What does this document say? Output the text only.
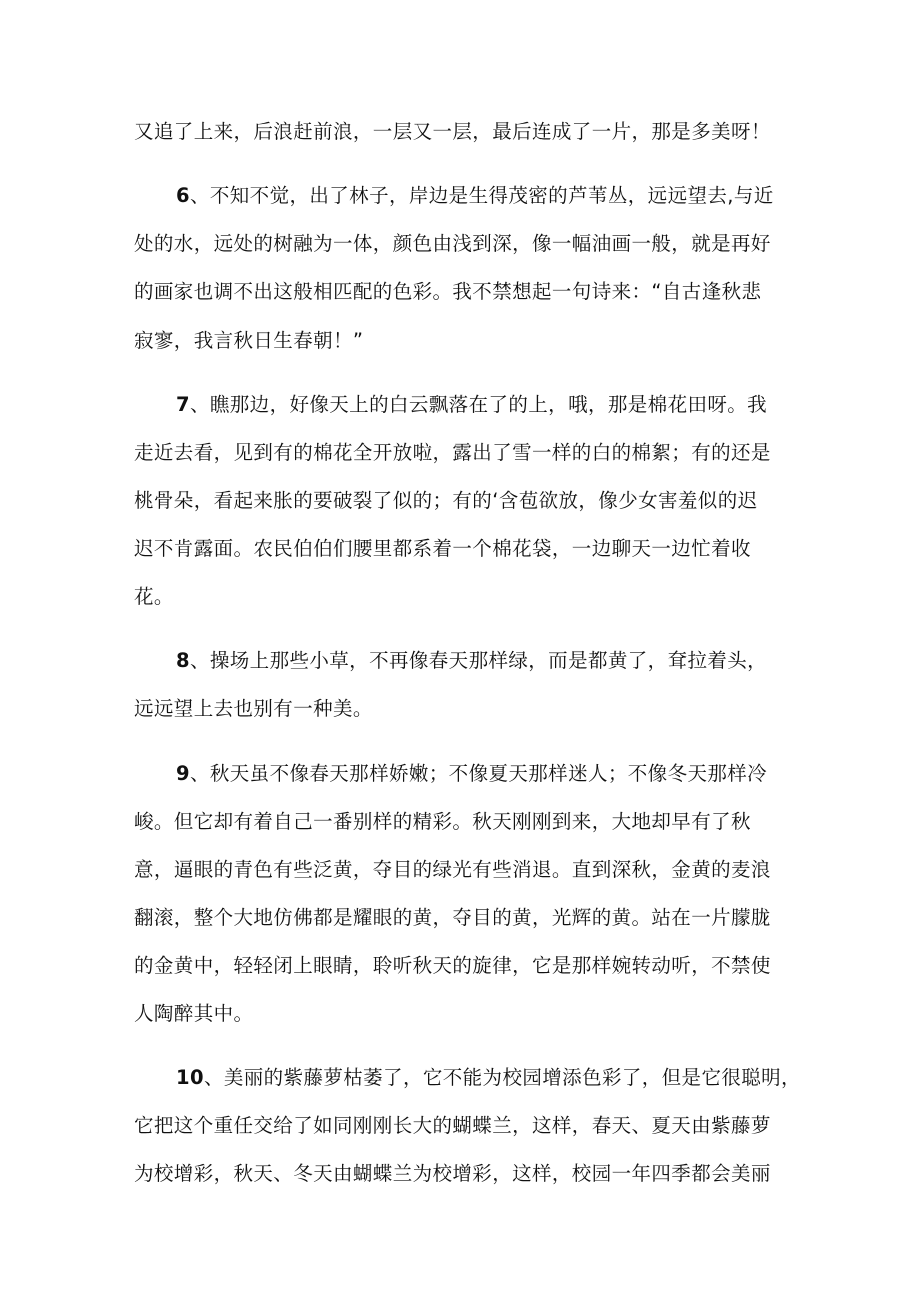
又追了上来，后浪赶前浪，一层又一层，最后连成了一片，那是多美呀！
6、不知不觉，出了林子，岸边是生得茂密的芦苇丛，远远望去,与近
处的水，远处的树融为一体，颜色由浅到深，像一幅油画一般，就是再好
的画家也调不出这般相匹配的色彩。我不禁想起一句诗来：“自古逢秋悲
寂寥，我言秋日生春朝！”
7、瞧那边，好像天上的白云飘落在了的上，哦，那是棉花田呀。我
走近去看，见到有的棉花全开放啦，露出了雪一样的白的棉絮；有的还是
桃骨朵，看起来胀的要破裂了似的；有的‘含苞欲放，像少女害羞似的迟
迟不肯露面。农民伯伯们腰里都系着一个棉花袋，一边聊天一边忙着收
花。
8、操场上那些小草，不再像春天那样绿，而是都黄了，耷拉着头，
远远望上去也别有一种美。
9、秋天虽不像春天那样娇嫩；不像夏天那样迷人；不像冬天那样冷
峻。但它却有着自己一番别样的精彩。秋天刚刚到来，大地却早有了秋
意，逼眼的青色有些泛黄，夺目的绿光有些消退。直到深秋，金黄的麦浪
翻滚，整个大地仿佛都是耀眼的黄，夺目的黄，光辉的黄。站在一片朦胧
的金黄中，轻轻闭上眼睛，聆听秋天的旋律，它是那样婉转动听，不禁使
人陶醉其中。
10、美丽的紫藤萝枯萎了，它不能为校园增添色彩了，但是它很聪明，
它把这个重任交给了如同刚刚长大的蝴蝶兰，这样，春天、夏天由紫藤萝
为校增彩，秋天、冬天由蝴蝶兰为校增彩，这样，校园一年四季都会美丽
